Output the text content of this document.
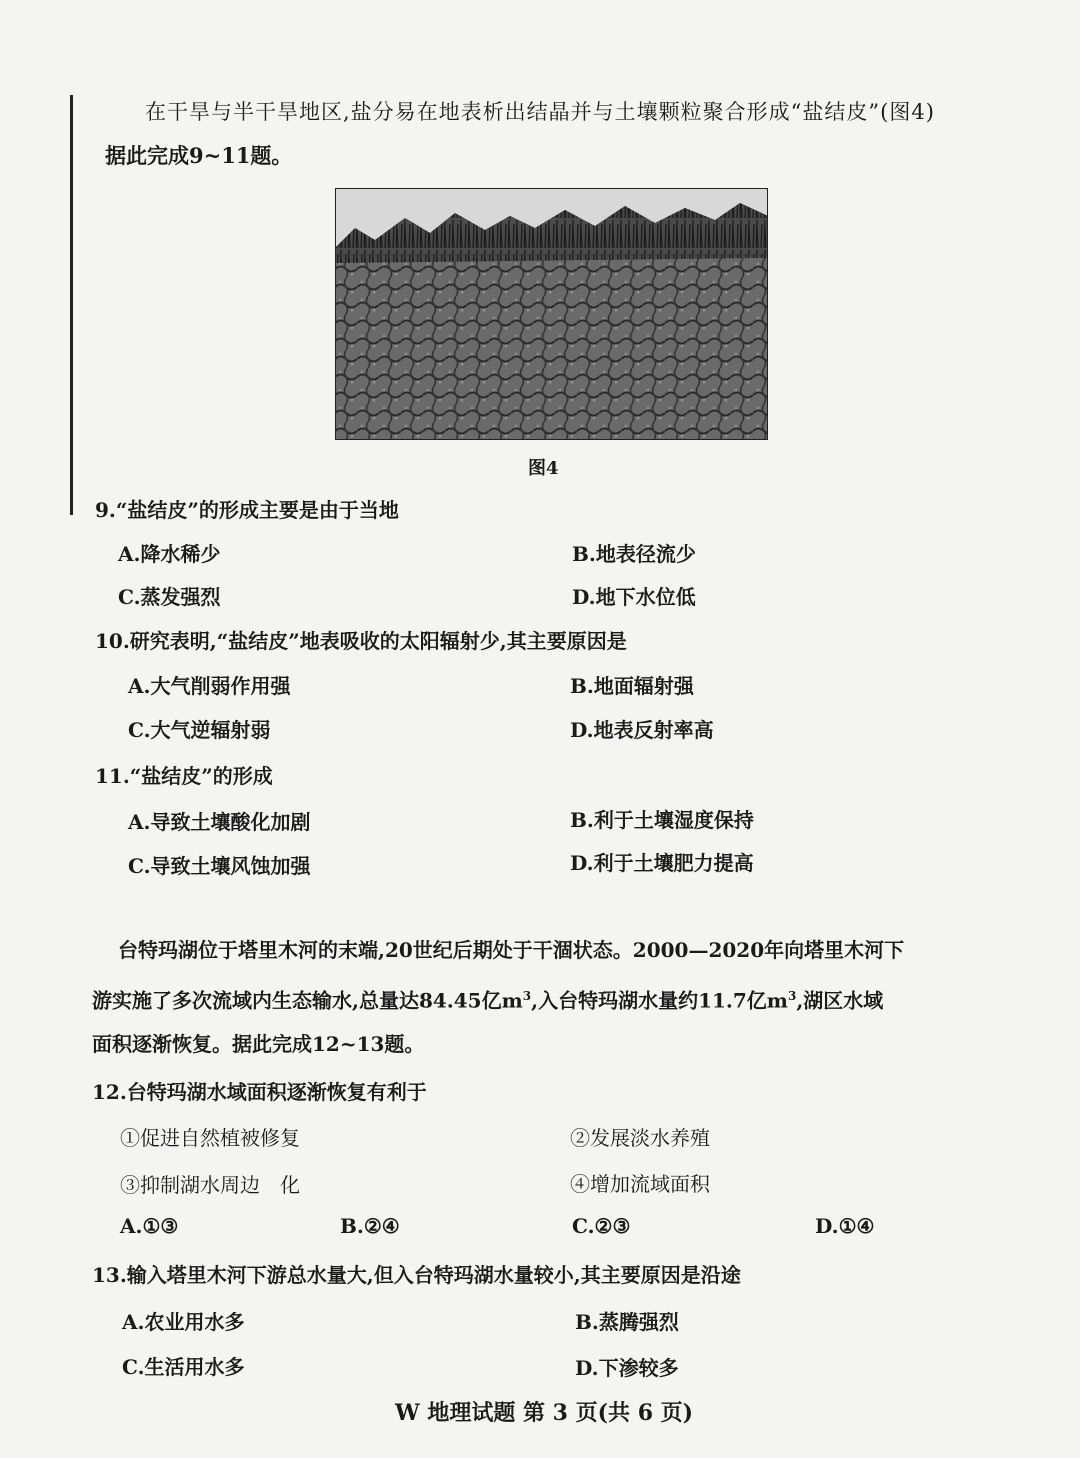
在干旱与半干旱地区,盐分易在地表析出结晶并与土壤颗粒聚合形成“盐结皮”(图4)
据此完成9~11题。
图4
9.“盐结皮”的形成主要是由于当地
A.降水稀少	B.地表径流少
C.蒸发强烈	D.地下水位低
10.研究表明,“盐结皮”地表吸收的太阳辐射少,其主要原因是
A.大气削弱作用强	B.地面辐射强
C.大气逆辐射弱	D.地表反射率高
11.“盐结皮”的形成
A.导致土壤酸化加剧	B.利于土壤湿度保持
C.导致土壤风蚀加强	D.利于土壤肥力提高
台特玛湖位于塔里木河的末端,20世纪后期处于干涸状态。2000—2020年向塔里木河下
游实施了多次流域内生态输水,总量达84.45亿$m^3$,入台特玛湖水量约11.7亿$m^3$,湖区水域
面积逐渐恢复。据此完成12~13题。
12.台特玛湖水域面积逐渐恢复有利于
①促进自然植被修复	②发展淡水养殖
③抑制湖水周边　化	④增加流域面积
A.①③	B.②④	C.②③	D.①④
13.输入塔里木河下游总水量大,但入台特玛湖水量较小,其主要原因是沿途
A.农业用水多	B.蒸腾强烈
C.生活用水多	D.下渗较多
W 地理试题 第 3 页(共 6 页)
